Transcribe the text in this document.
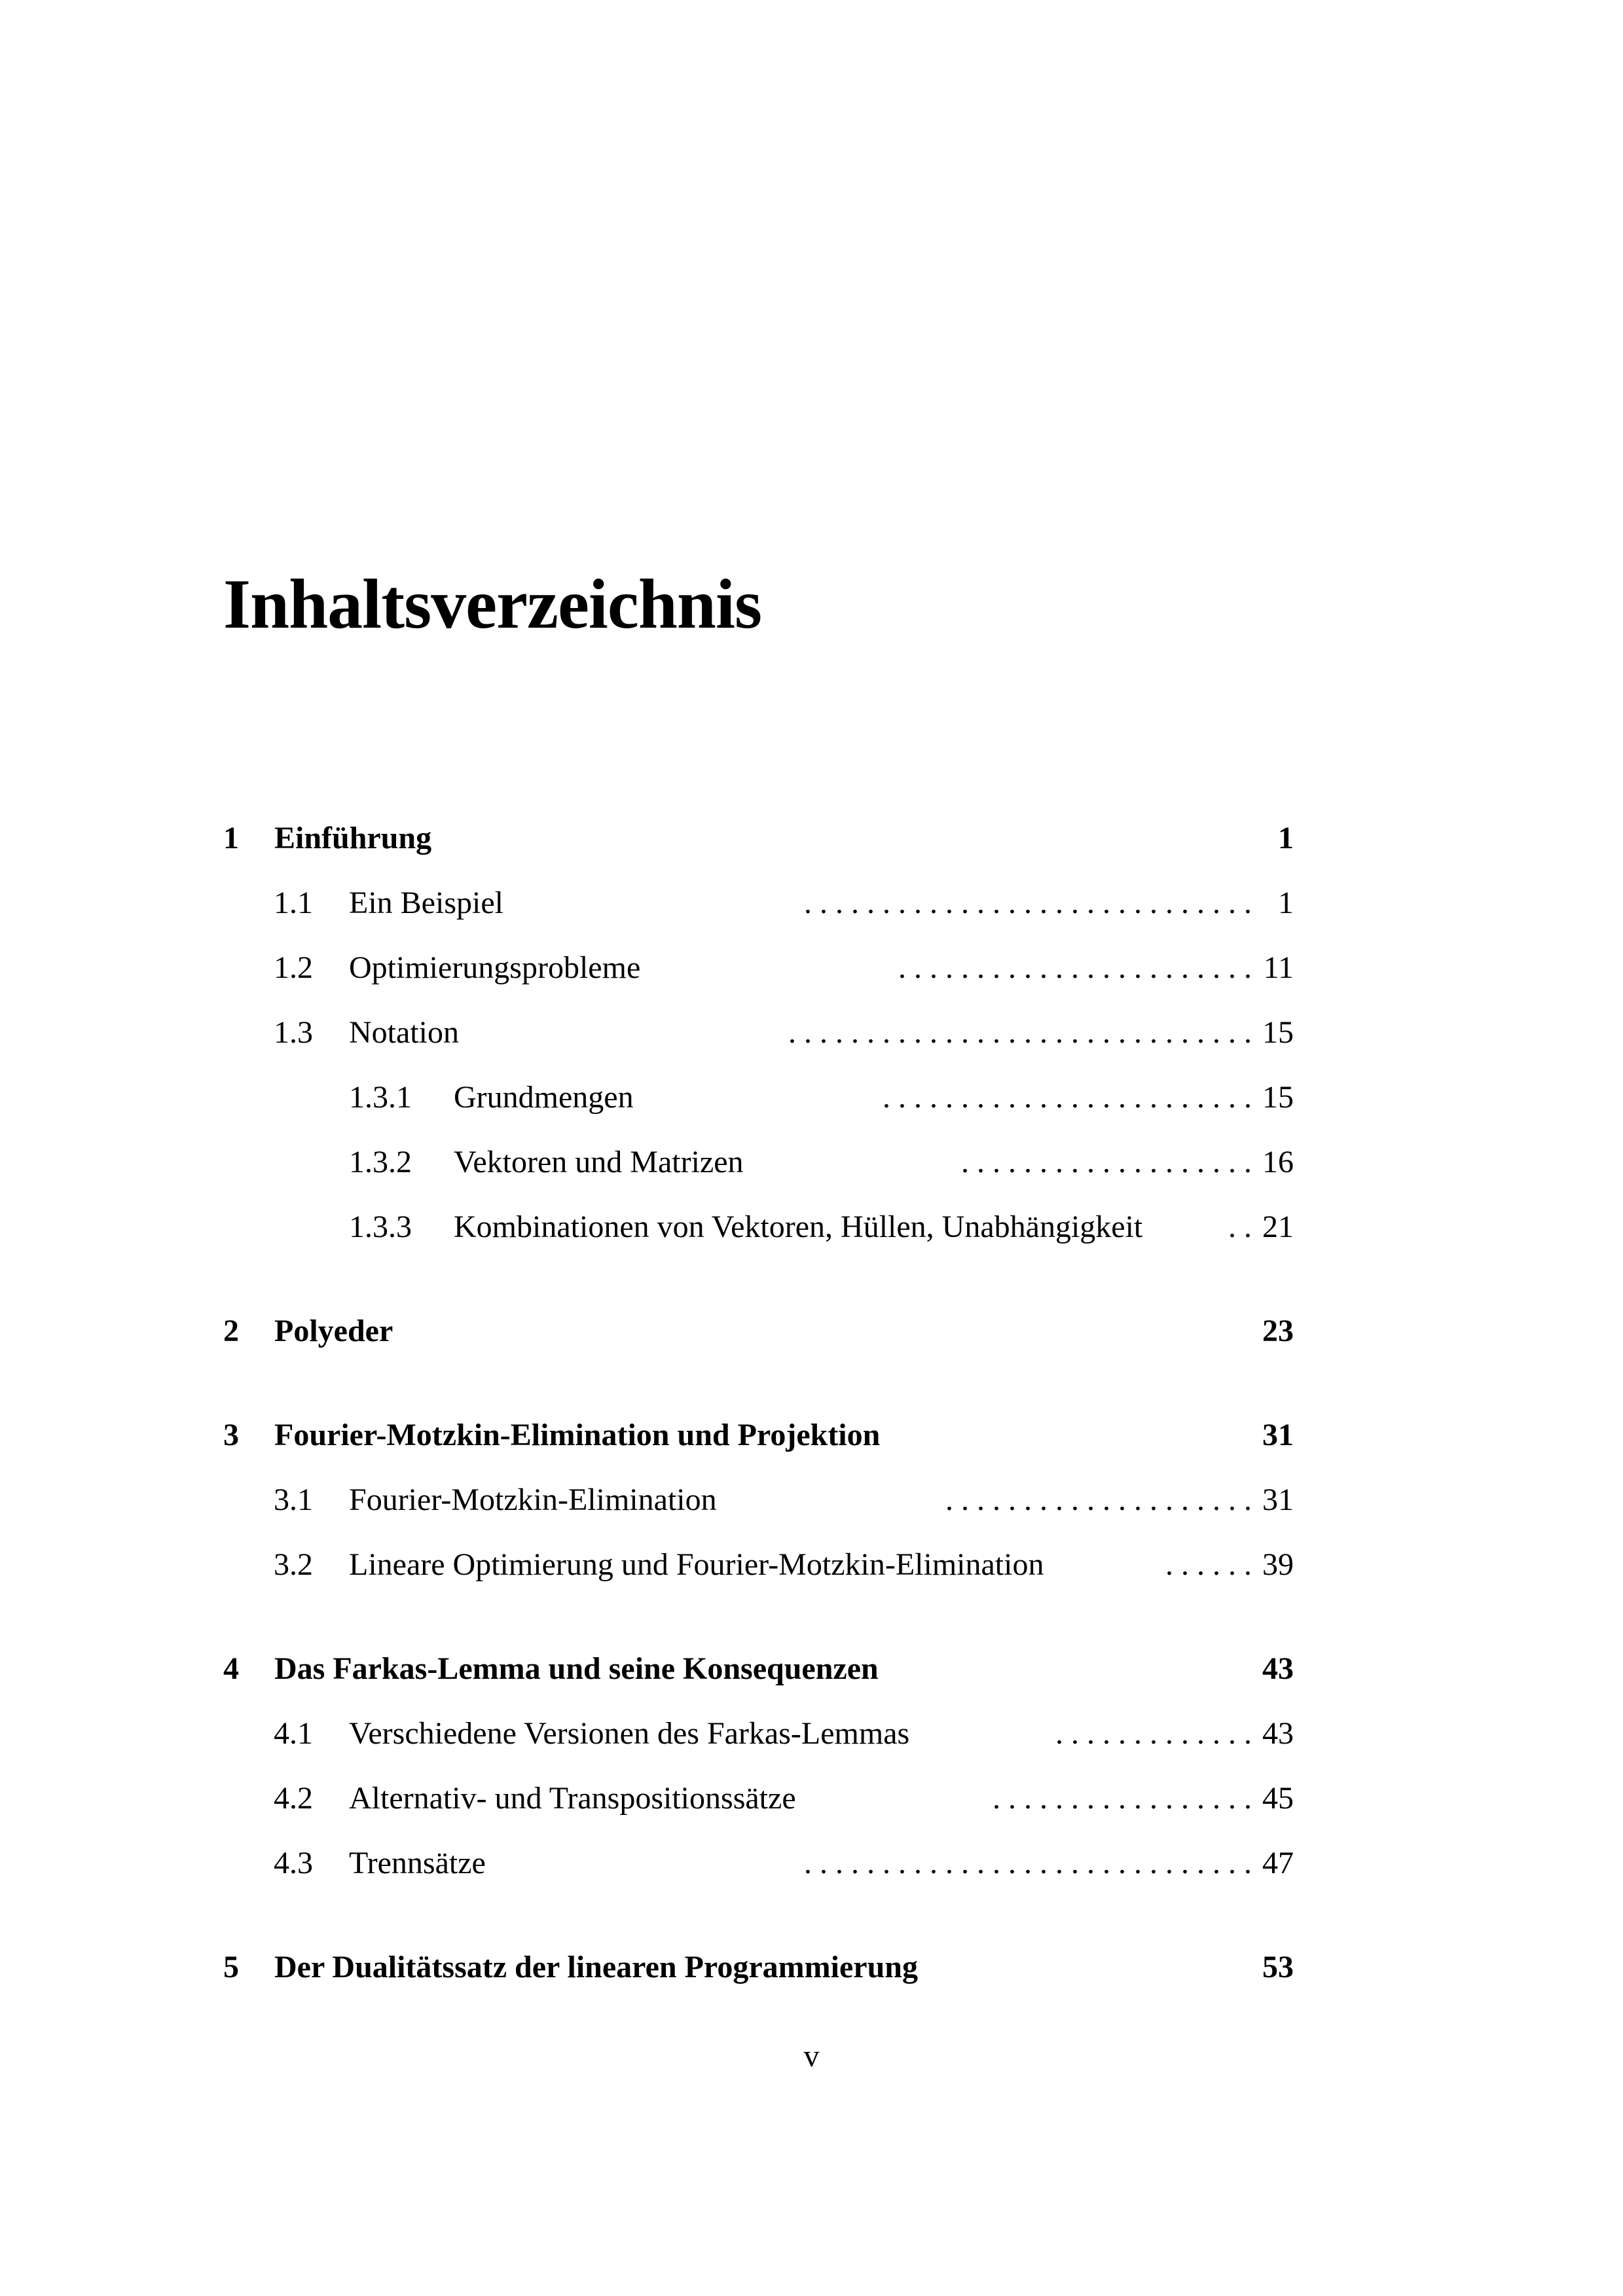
Inhaltsverzeichnis
1 Einführung	1
1.1 Ein Beispiel	. . . . . . . . . . . . . . . . . . . . . . . . . . . . . 1
1.2 Optimierungsprobleme	. . . . . . . . . . . . . . . . . . . . . . . 11
1.3 Notation	. . . . . . . . . . . . . . . . . . . . . . . . . . . . . . 15
1.3.1 Grundmengen	. . . . . . . . . . . . . . . . . . . . . . . . 15
1.3.2 Vektoren und Matrizen	. . . . . . . . . . . . . . . . . . . 16
1.3.3 Kombinationen von Vektoren, Hüllen, Unabhängigkeit	. . 21
2 Polyeder	23
3 Fourier-Motzkin-Elimination und Projektion	31
3.1 Fourier-Motzkin-Elimination	. . . . . . . . . . . . . . . . . . . . 31
3.2 Lineare Optimierung und Fourier-Motzkin-Elimination	. . . . . . 39
4 Das Farkas-Lemma und seine Konsequenzen	43
4.1 Verschiedene Versionen des Farkas-Lemmas	. . . . . . . . . . . . . 43
4.2 Alternativ- und Transpositionssätze	. . . . . . . . . . . . . . . . . 45
4.3 Trennsätze	. . . . . . . . . . . . . . . . . . . . . . . . . . . . . 47
5 Der Dualitätssatz der linearen Programmierung	53
v
